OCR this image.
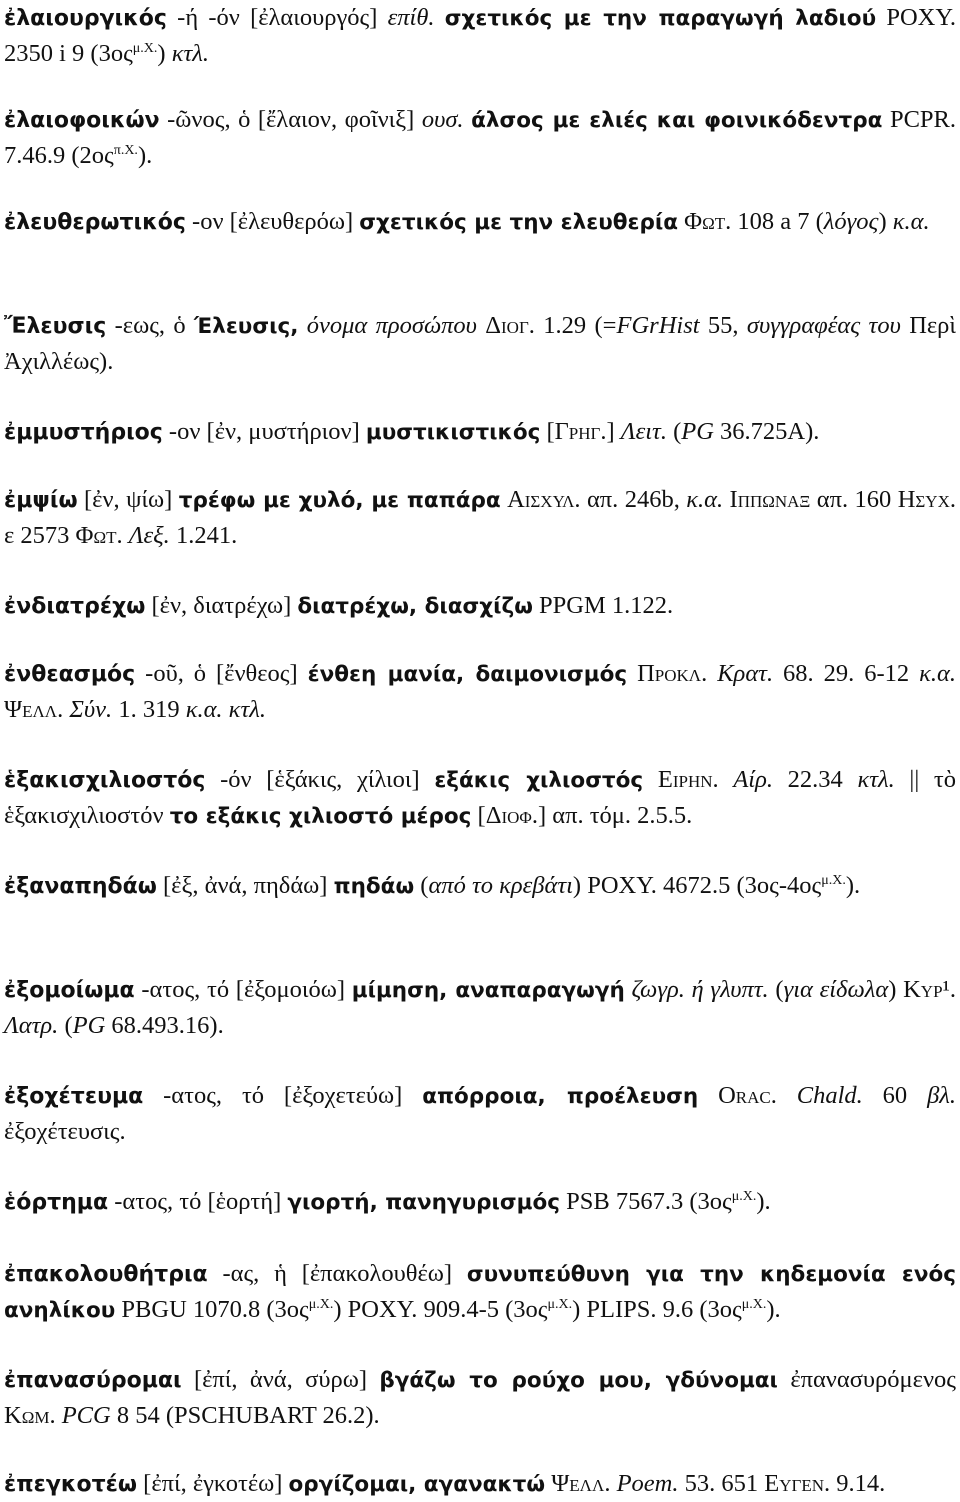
ἐλαιουργικός -ή -όν [ἐλαιουργός] επίθ. σχετικός με την παραγωγή λαδιού POXY. 2350 i 9 $(3o\varsigma^{\mu.X.})$ κτλ.

ἐλαιοφοικών -ῶνος, ὁ [ἔλαιον, φοῖνιξ] ουσ. άλσος με ελιές και φοινικόδεντρα PCPR. 7.46.9 $(2o\varsigma^{\pi.X.})$.

ἐλευθερωτικός -ον [ἐλευθερόω] σχετικός με την ελευθερία Φωτ. 108 a 7 (λόγος) κ.α.

Ἔλευσις -εως, ὁ Έλευσις, όνομα προσώπου Διογ. 1.29 (=FGrHist 55, συγγραφέας του Περὶ Ἀχιλλέως).

ἐμμυστήριος -ον [ἐν, μυστήριον] μυστικιστικός [Γρηγ.] Λειτ. (PG 36.725A).

ἐμψίω [ἐν, ψίω] τρέφω με χυλό, με παπάρα Αισχυλ. απ. 246b, κ.α. Ιππωναξ απ. 160 Ησυχ. ε 2573 Φωτ. Λεξ. 1.241.

ἐνδιατρέχω [ἐν, διατρέχω] διατρέχω, διασχίζω PPGM 1.122.

ἐνθεασμός -οῦ, ὁ [ἔνθεος] ένθεη μανία, δαιμονισμός Προκλ. Κρατ. 68. 29. 6-12 κ.α. Ψελλ. Σύν. 1. 319 κ.α. κτλ.

ἑξακισχιλιοστός -όν [ἑξάκις, χίλιοι] εξάκις χιλιοστός Ειρην. Αίρ. 22.34 κτλ. || τὸ ἑξακισχιλιοστόν το εξάκις χιλιοστό μέρος [Διοφ.] απ. τόμ. 2.5.5.

ἐξαναπηδάω [ἐξ, ἀνά, πηδάω] πηδάω (από το κρεβάτι) POXY. 4672.5 $(3o\varsigma-4o\varsigma^{\mu.X.})$.

ἐξομοίωμα -ατος, τό [ἐξομοιόω] μίμηση, αναπαραγωγή ζωγρ. ή γλυπτ. (για είδωλα) Κυρ¹. Λατρ. (PG 68.493.16).

ἐξοχέτευμα -ατος, τό [ἐξοχετεύω] απόρροια, προέλευση Orac. Chald. 60 βλ. ἐξοχέτευσις.

ἑόρτημα -ατος, τό [ἑορτή] γιορτή, πανηγυρισμός PSB 7567.3 $(3o\varsigma^{\mu.X.})$.

ἐπακολουθήτρια -ας, ἡ [ἐπακολουθέω] συνυπεύθυνη για την κηδεμονία ενός ανηλίκου PBGU 1070.8 $(3o\varsigma^{\mu.X.})$ POXY. 909.4-5 $(3o\varsigma^{\mu.X.})$ PLIPS. 9.6 $(3o\varsigma^{\mu.X.})$.

ἐπανασύρομαι [ἐπί, ἀνά, σύρω] βγάζω το ρούχο μου, γδύνομαι ἐπανασυρόμενος Κωμ. PCG 8 54 (PSCHUBART 26.2).

ἐπεγκοτέω [ἐπί, ἐγκοτέω] οργίζομαι, αγανακτώ Ψελλ. Poem. 53. 651 Ευγεν. 9.14.
